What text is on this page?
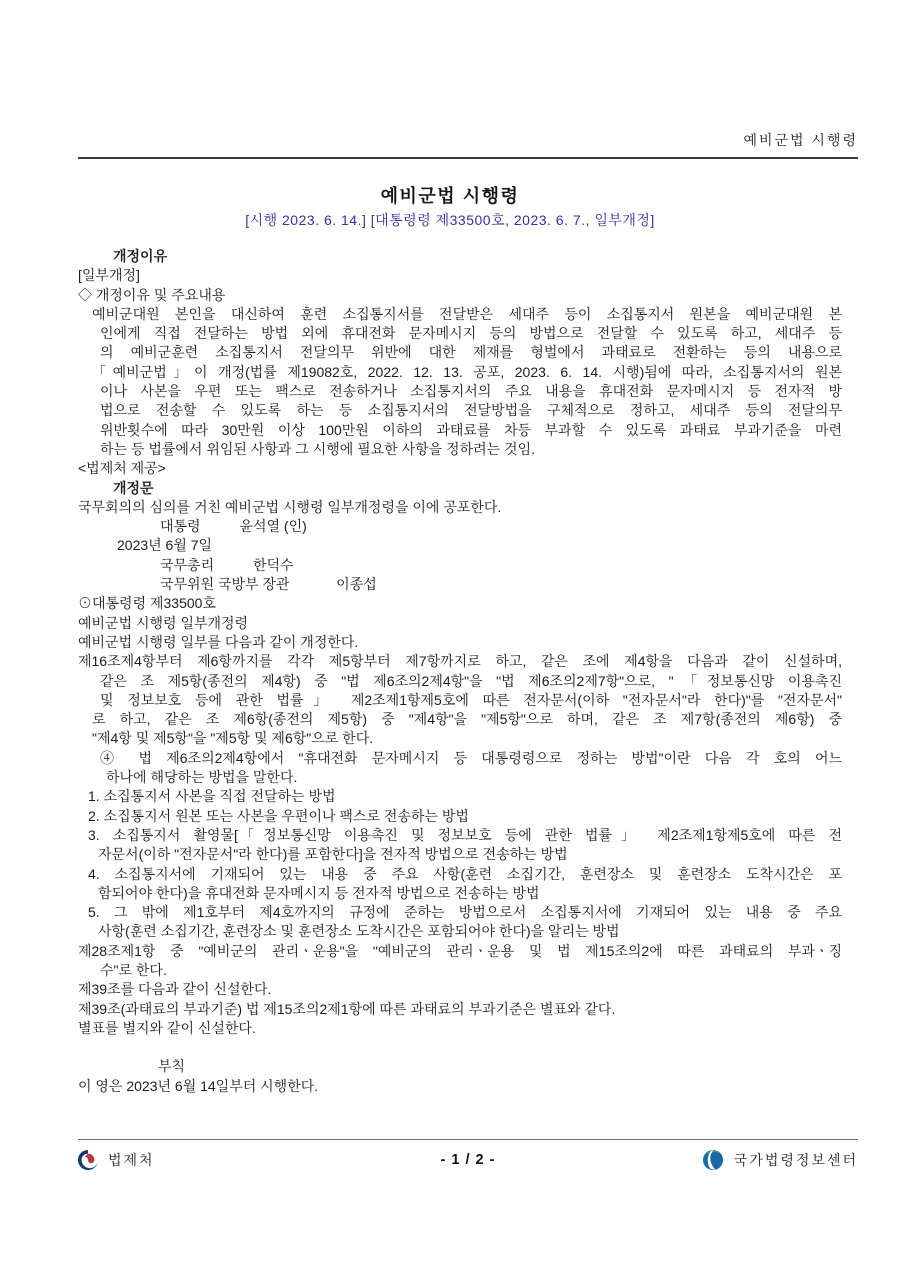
예비군법 시행령
예비군법 시행령
[시행 2023. 6. 14.] [대통령령 제33500호, 2023. 6. 7., 일부개정]
개정이유
[일부개정]
◇ 개정이유 및 주요내용
예비군대원 본인을 대신하여 훈련 소집통지서를 전달받은 세대주 등이 소집통지서 원본을 예비군대원 본
인에게 직접 전달하는 방법 외에 휴대전화 문자메시지 등의 방법으로 전달할 수 있도록 하고, 세대주 등
의 예비군훈련 소집통지서 전달의무 위반에 대한 제재를 형벌에서 과태료로 전환하는 등의 내용으로
「예비군법」이 개정(법률 제19082호, 2022. 12. 13. 공포, 2023. 6. 14. 시행)됨에 따라, 소집통지서의 원본
이나 사본을 우편 또는 팩스로 전송하거나 소집통지서의 주요 내용을 휴대전화 문자메시지 등 전자적 방
법으로 전송할 수 있도록 하는 등 소집통지서의 전달방법을 구체적으로 정하고, 세대주 등의 전달의무
위반횟수에 따라 30만원 이상 100만원 이하의 과태료를 차등 부과할 수 있도록 과태료 부과기준을 마련
하는 등 법률에서 위임된 사항과 그 시행에 필요한 사항을 정하려는 것임.
<법제처 제공>
개정문
국무회의의 심의를 거친 예비군법 시행령 일부개정령을 이에 공포한다.
대통령          윤석열 (인)
2023년 6월 7일
국무총리          한덕수
국무위원 국방부 장관            이종섭
⊙대통령령 제33500호
예비군법 시행령 일부개정령
예비군법 시행령 일부를 다음과 같이 개정한다.
제16조제4항부터 제6항까지를 각각 제5항부터 제7항까지로 하고, 같은 조에 제4항을 다음과 같이 신설하며,
같은 조 제5항(종전의 제4항) 중 "법 제6조의2제4항"을 "법 제6조의2제7항"으로, "「정보통신망 이용촉진
및 정보보호 등에 관한 법률」 제2조제1항제5호에 따른 전자문서(이하 "전자문서"라 한다)"를 "전자문서"
로 하고, 같은 조 제6항(종전의 제5항) 중 "제4항"을 "제5항"으로 하며, 같은 조 제7항(종전의 제6항) 중
"제4항 및 제5항"을 "제5항 및 제6항"으로 한다.
④ 법 제6조의2제4항에서 "휴대전화 문자메시지 등 대통령령으로 정하는 방법"이란 다음 각 호의 어느
하나에 해당하는 방법을 말한다.
1. 소집통지서 사본을 직접 전달하는 방법
2. 소집통지서 원본 또는 사본을 우편이나 팩스로 전송하는 방법
3. 소집통지서 촬영물[「정보통신망 이용촉진 및 정보보호 등에 관한 법률」 제2조제1항제5호에 따른 전
자문서(이하 "전자문서"라 한다)를 포함한다]을 전자적 방법으로 전송하는 방법
4. 소집통지서에 기재되어 있는 내용 중 주요 사항(훈련 소집기간, 훈련장소 및 훈련장소 도착시간은 포
함되어야 한다)을 휴대전화 문자메시지 등 전자적 방법으로 전송하는 방법
5. 그 밖에 제1호부터 제4호까지의 규정에 준하는 방법으로서 소집통지서에 기재되어 있는 내용 중 주요
사항(훈련 소집기간, 훈련장소 및 훈련장소 도착시간은 포함되어야 한다)을 알리는 방법
제28조제1항 중 "예비군의 관리ㆍ운용"을 "예비군의 관리ㆍ운용 및 법 제15조의2에 따른 과태료의 부과ㆍ징
수"로 한다.
제39조를 다음과 같이 신설한다.
제39조(과태료의 부과기준) 법 제15조의2제1항에 따른 과태료의 부과기준은 별표와 같다.
별표를 별지와 같이 신설한다.

부칙
이 영은 2023년 6월 14일부터 시행한다.
법제처	- 1 / 2 -	국가법령정보센터
